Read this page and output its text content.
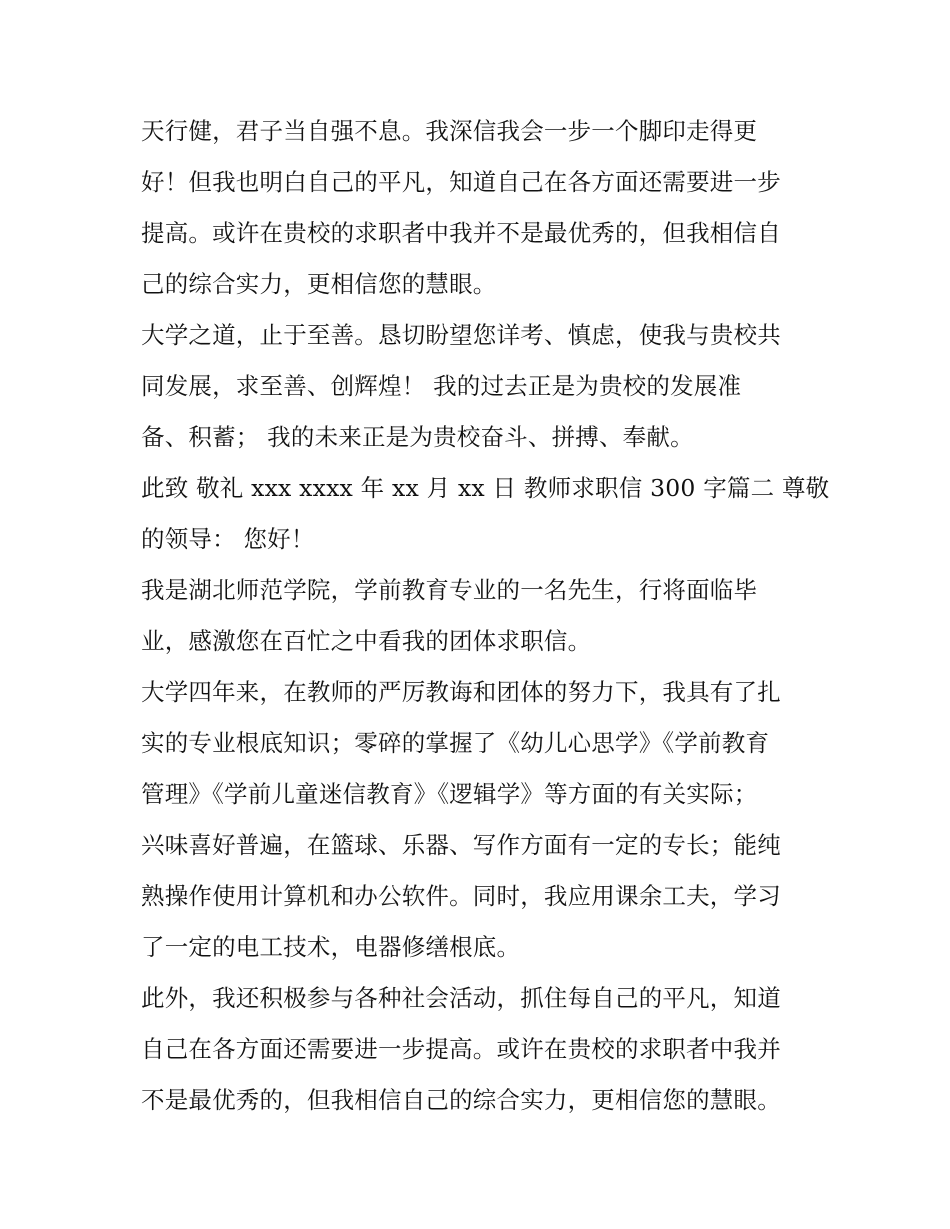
天行健，君子当自强不息。我深信我会一步一个脚印走得更
好！但我也明白自己的平凡，知道自己在各方面还需要进一步
提高。或许在贵校的求职者中我并不是最优秀的，但我相信自
己的综合实力，更相信您的慧眼。
大学之道，止于至善。恳切盼望您详考、慎虑，使我与贵校共
同发展，求至善、创辉煌！ 我的过去正是为贵校的发展准
备、积蓄； 我的未来正是为贵校奋斗、拼搏、奉献。
此致 敬礼 xxx xxxx 年 xx 月 xx 日 教师求职信 300 字篇二 尊敬
的领导： 您好！
我是湖北师范学院，学前教育专业的一名先生，行将面临毕
业，感激您在百忙之中看我的团体求职信。
大学四年来，在教师的严厉教诲和团体的努力下，我具有了扎
实的专业根底知识；零碎的掌握了《幼儿心思学》《学前教育
管理》《学前儿童迷信教育》《逻辑学》等方面的有关实际；
兴味喜好普遍，在篮球、乐器、写作方面有一定的专长；能纯
熟操作使用计算机和办公软件。同时，我应用课余工夫，学习
了一定的电工技术，电器修缮根底。
此外，我还积极参与各种社会活动，抓住每自己的平凡，知道
自己在各方面还需要进一步提高。或许在贵校的求职者中我并
不是最优秀的，但我相信自己的综合实力，更相信您的慧眼。
